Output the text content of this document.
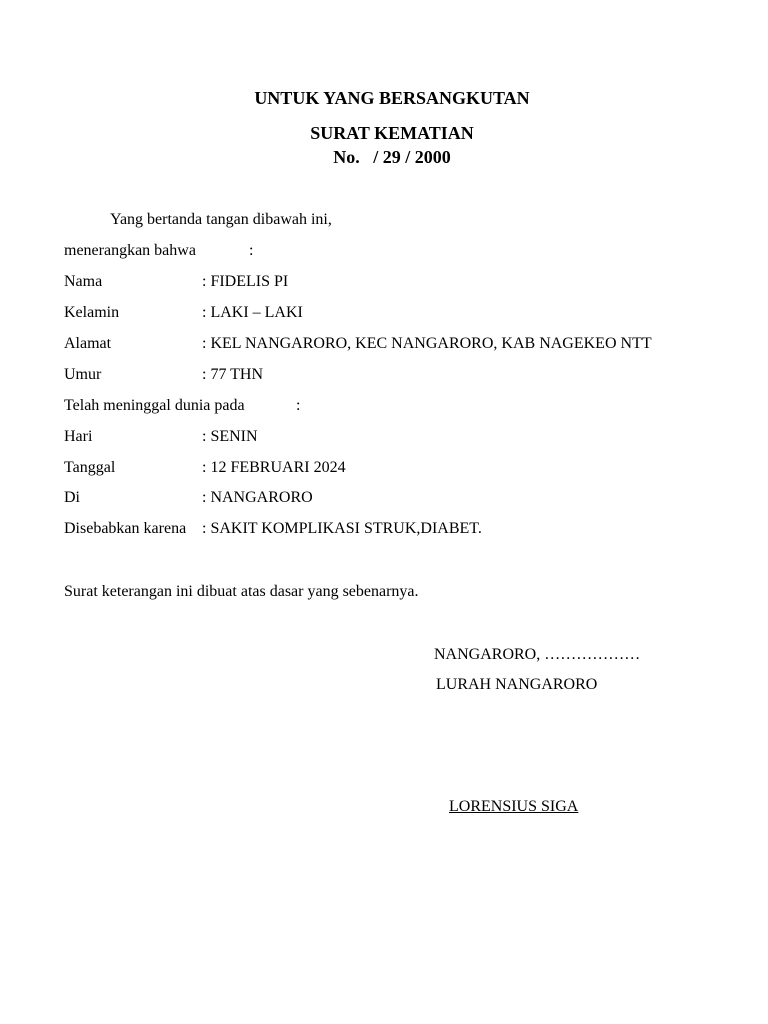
UNTUK YANG BERSANGKUTAN
SURAT KEMATIAN
No.   / 29 / 2000
Yang bertanda tangan dibawah ini,
menerangkan bahwa	:
Nama	: FIDELIS PI
Kelamin	: LAKI – LAKI
Alamat	: KEL NANGARORO, KEC NANGARORO, KAB NAGEKEO NTT
Umur	: 77 THN
Telah meninggal dunia pada	:
Hari	: SENIN
Tanggal	: 12 FEBRUARI 2024
Di	: NANGARORO
Disebabkan karena : SAKIT KOMPLIKASI STRUK,DIABET.
Surat keterangan ini dibuat atas dasar yang sebenarnya.
NANGARORO, ………………
LURAH NANGARORO
LORENSIUS SIGA
